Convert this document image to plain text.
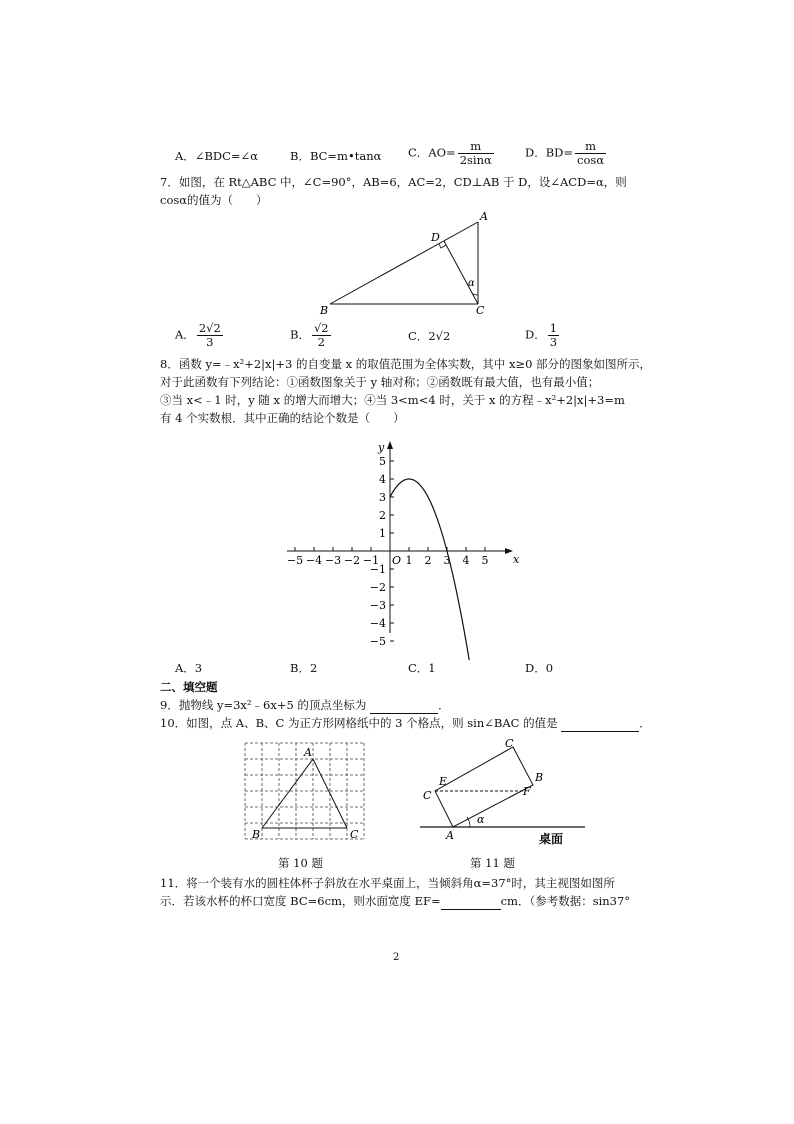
A．∠BDC=∠α	B．BC=m•tanα C．$AO= \frac{m}{2\sin\alpha}$	D．$BD= \frac{m}{\cos\alpha}$
7．如图，在 Rt△ABC 中，∠C=90°，AB=6，AC=2，CD⊥AB 于 D，设∠ACD=α，则
cosα的值为（　　）
A
B	C
D
α
A． $\frac{2√2}{3}$	B． $\frac{√2}{2}$	C．2√2	D． $\frac{1}{3}$
8．函数 y=﹣x²+2|x|+3 的自变量 x 的取值范围为全体实数，其中 x≥0 部分的图象如图所示，
对于此函数有下列结论：①函数图象关于 y 轴对称；②函数既有最大值，也有最小值；
③当 x<﹣1 时，y 随 x 的增大而增大；④当 3<m<4 时，关于 x 的方程﹣x²+2|x|+3=m
有 4 个实数根．其中正确的结论个数是（　　）
x
y
−5 −4 −3 −2 −1 O 1 2 3 4 5
5
4
3
2
1
−1
−2
−3
−4
−5
A．3	B．2	C．1	D．0
二、填空题
9．抛物线 y=3x²﹣6x+5 的顶点坐标为	．
10．如图，点 A、B、C 为正方形网格纸中的 3 个格点，则 sin∠BAC 的值是	．
A
B	C
第 10 题
A
B
C
C
E
F
α
桌面
第 11 题
11．将一个装有水的圆柱体杯子斜放在水平桌面上，当倾斜角α=37°时，其主视图如图所
示．若该水杯的杯口宽度 BC=6cm，则水面宽度 EF=	cm．（参考数据：sin37°
2
